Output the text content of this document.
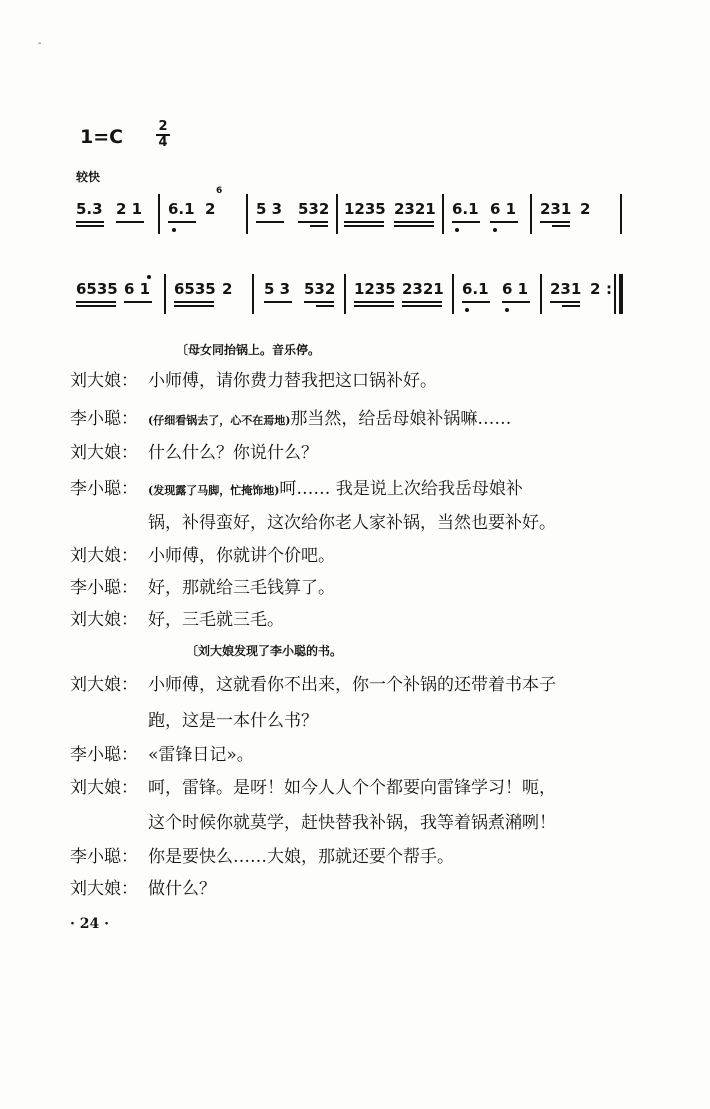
-
1=C	2
4
较快
5.3 2 1 6.1 2
6
5 3 532 1235 2321 6.1 6 1 231 2
6535 6 1 6535 2 5 3 532 1235 2321 6.1 6 1 231 2 :
〔母女同抬锅上。音乐停。
刘大娘： 小师傅，请你费力替我把这口锅补好。
李小聪： (仔细看锅去了，心不在焉地)那当然，给岳母娘补锅嘛……
刘大娘： 什么什么？你说什么？
李小聪： (发现露了马脚，忙掩饰地)呵…… 我是说上次给我岳母娘补
锅，补得蛮好，这次给你老人家补锅，当然也要补好。
刘大娘： 小师傅，你就讲个价吧。
李小聪： 好，那就给三毛钱算了。
刘大娘： 好，三毛就三毛。
〔刘大娘发现了李小聪的书。
刘大娘： 小师傅，这就看你不出来，你一个补锅的还带着书本子
跑，这是一本什么书？
李小聪： «雷锋日记»。
刘大娘： 呵，雷锋。是呀！如今人人个个都要向雷锋学习！呃，
这个时候你就莫学，赶快替我补锅，我等着锅煮潲咧！
李小聪： 你是要快么……大娘，那就还要个帮手。
刘大娘： 做什么？
· 24 ·
